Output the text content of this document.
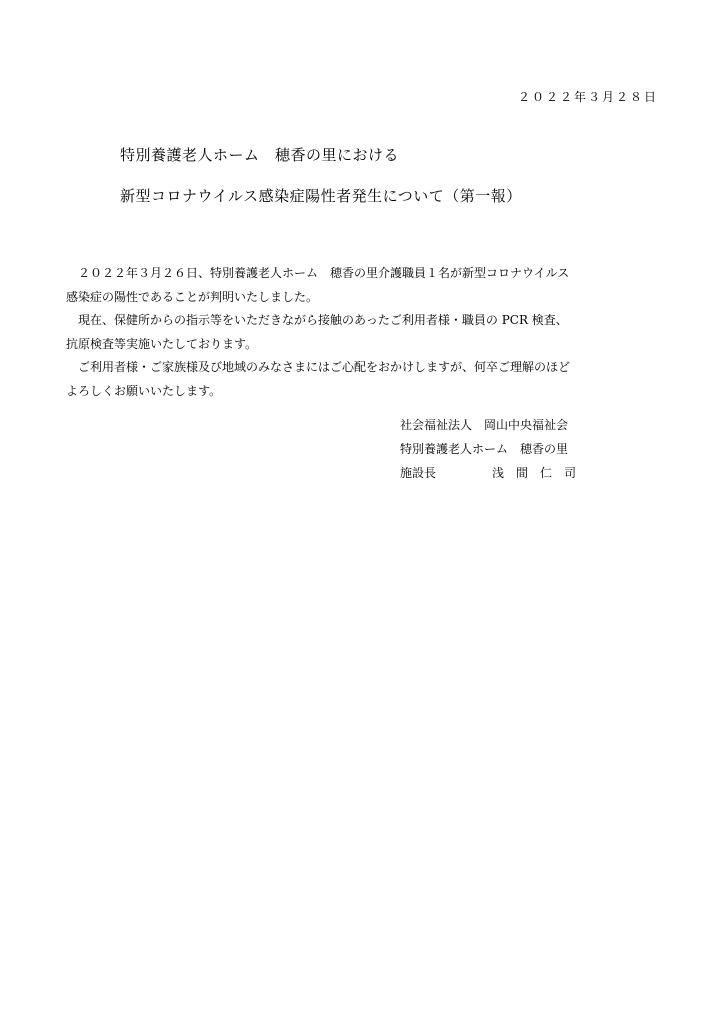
２０２２年３月２８日
特別養護老人ホーム　穂香の里における
新型コロナウイルス感染症陽性者発生について（第一報）

　２０２２年３月２６日、特別養護老人ホーム　穂香の里介護職員１名が新型コロナウイルス

感染症の陽性であることが判明いたしました。

　現在、保健所からの指示等をいただきながら接触のあったご利用者様・職員の PCR 検査、

抗原検査等実施いたしております。

　ご利用者様・ご家族様及び地域のみなさまにはご心配をおかけしますが、何卒ご理解のほど

よろしくお願いいたします。

社会福祉法人　岡山中央福祉会
特別養護老人ホーム　穂香の里
施設長	浅間仁司
